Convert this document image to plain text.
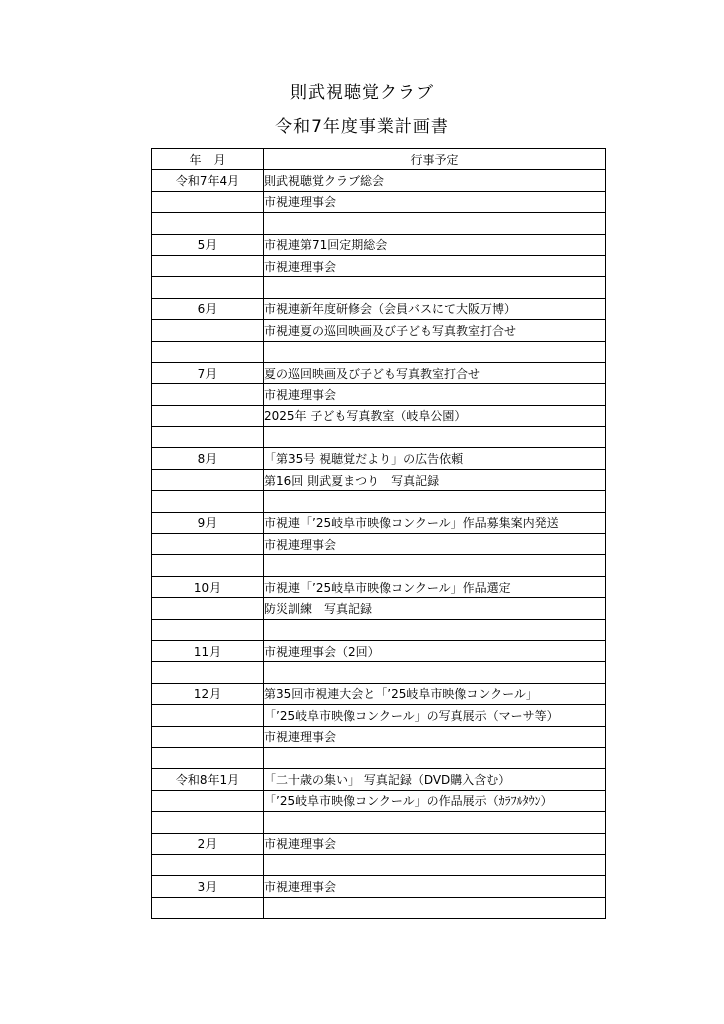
則武視聴覚クラブ
令和7年度事業計画書
年　月	行事予定
令和7年4月	則武視聴覚クラブ総会
	市視連理事会

5月	市視連第71回定期総会
	市視連理事会

6月	市視連新年度研修会（会員バスにて大阪万博）
	市視連夏の巡回映画及び子ども写真教室打合せ

7月	夏の巡回映画及び子ども写真教室打合せ
	市視連理事会
	2025年 子ども写真教室（岐阜公園）

8月	「第35号 視聴覚だより」の広告依頼
	第16回 則武夏まつり　写真記録

9月	市視連「’25岐阜市映像コンクール」作品募集案内発送
	市視連理事会

10月	市視連「’25岐阜市映像コンクール」作品選定
	防災訓練　写真記録

11月	市視連理事会（2回）

12月	第35回市視連大会と「’25岐阜市映像コンクール」
	「’25岐阜市映像コンクール」の写真展示（マーサ等）
	市視連理事会

令和8年1月	「二十歳の集い」 写真記録（DVD購入含む）
	「’25岐阜市映像コンクール」の作品展示（ｶﾗﾌﾙﾀｳﾝ）

2月	市視連理事会

3月	市視連理事会
